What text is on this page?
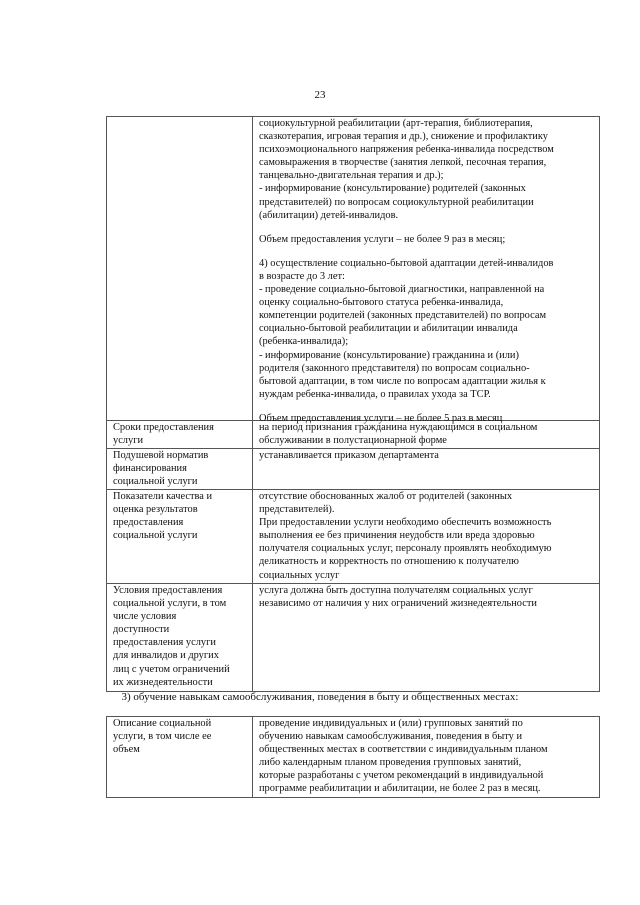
23
социокультурной реабилитации (арт-терапия, библиотерапия,
сказкотерапия, игровая терапия и др.), снижение и профилактику
психоэмоционального напряжения ребенка-инвалида посредством
самовыражения в творчестве (занятия лепкой, песочная терапия,
танцевально-двигательная терапия и др.);
- информирование (консультирование) родителей (законных
представителей) по вопросам социокультурной реабилитации
(абилитации) детей-инвалидов.
Объем предоставления услуги – не более 9 раз в месяц;
4) осуществление социально-бытовой адаптации детей-инвалидов
в возрасте до 3 лет:
- проведение социально-бытовой диагностики, направленной на
оценку социально-бытового статуса ребенка-инвалида,
компетенции родителей (законных представителей) по вопросам
социально-бытовой реабилитации и абилитации инвалида
(ребенка-инвалида);
- информирование (консультирование) гражданина и (или)
родителя (законного представителя) по вопросам социально-
бытовой адаптации, в том числе по вопросам адаптации жилья к
нуждам ребенка-инвалида, о правилах ухода за ТСР.
Объем предоставления услуги – не более 5 раз в месяц
Сроки предоставления
услуги
на период признания гражданина нуждающимся в социальном
обслуживании в полустационарной форме
Подушевой норматив
финансирования
социальной услуги
устанавливается приказом департамента
Показатели качества и
оценка результатов
предоставления
социальной услуги
отсутствие обоснованных жалоб от родителей (законных
представителей).
При предоставлении услуги необходимо обеспечить возможность
выполнения ее без причинения неудобств или вреда здоровью
получателя социальных услуг, персоналу проявлять необходимую
деликатность и корректность по отношению к получателю
социальных услуг
Условия предоставления
социальной услуги, в том
числе условия
доступности
предоставления услуги
для инвалидов и других
лиц с учетом ограничений
их жизнедеятельности
услуга должна быть доступна получателям социальных услуг
независимо от наличия у них ограничений жизнедеятельности
3) обучение навыкам самообслуживания, поведения в быту и общественных местах:
Описание социальной
услуги, в том числе ее
объем
проведение индивидуальных и (или) групповых занятий по
обучению навыкам самообслуживания, поведения в быту и
общественных местах в соответствии с индивидуальным планом
либо календарным планом проведения групповых занятий,
которые разработаны с учетом рекомендаций в индивидуальной
программе реабилитации и абилитации, не более 2 раз в месяц.
